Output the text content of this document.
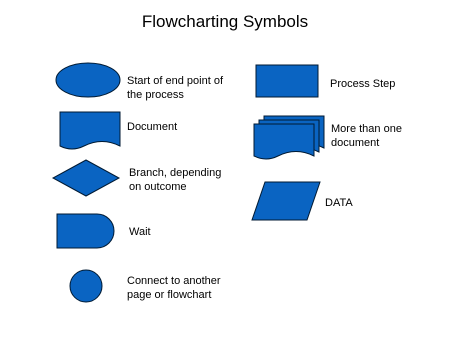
Flowcharting Symbols
Start of end point of
the process
Document
Branch, depending
on outcome
Wait
Connect to another
page or flowchart
Process Step
More than one
document
DATA
